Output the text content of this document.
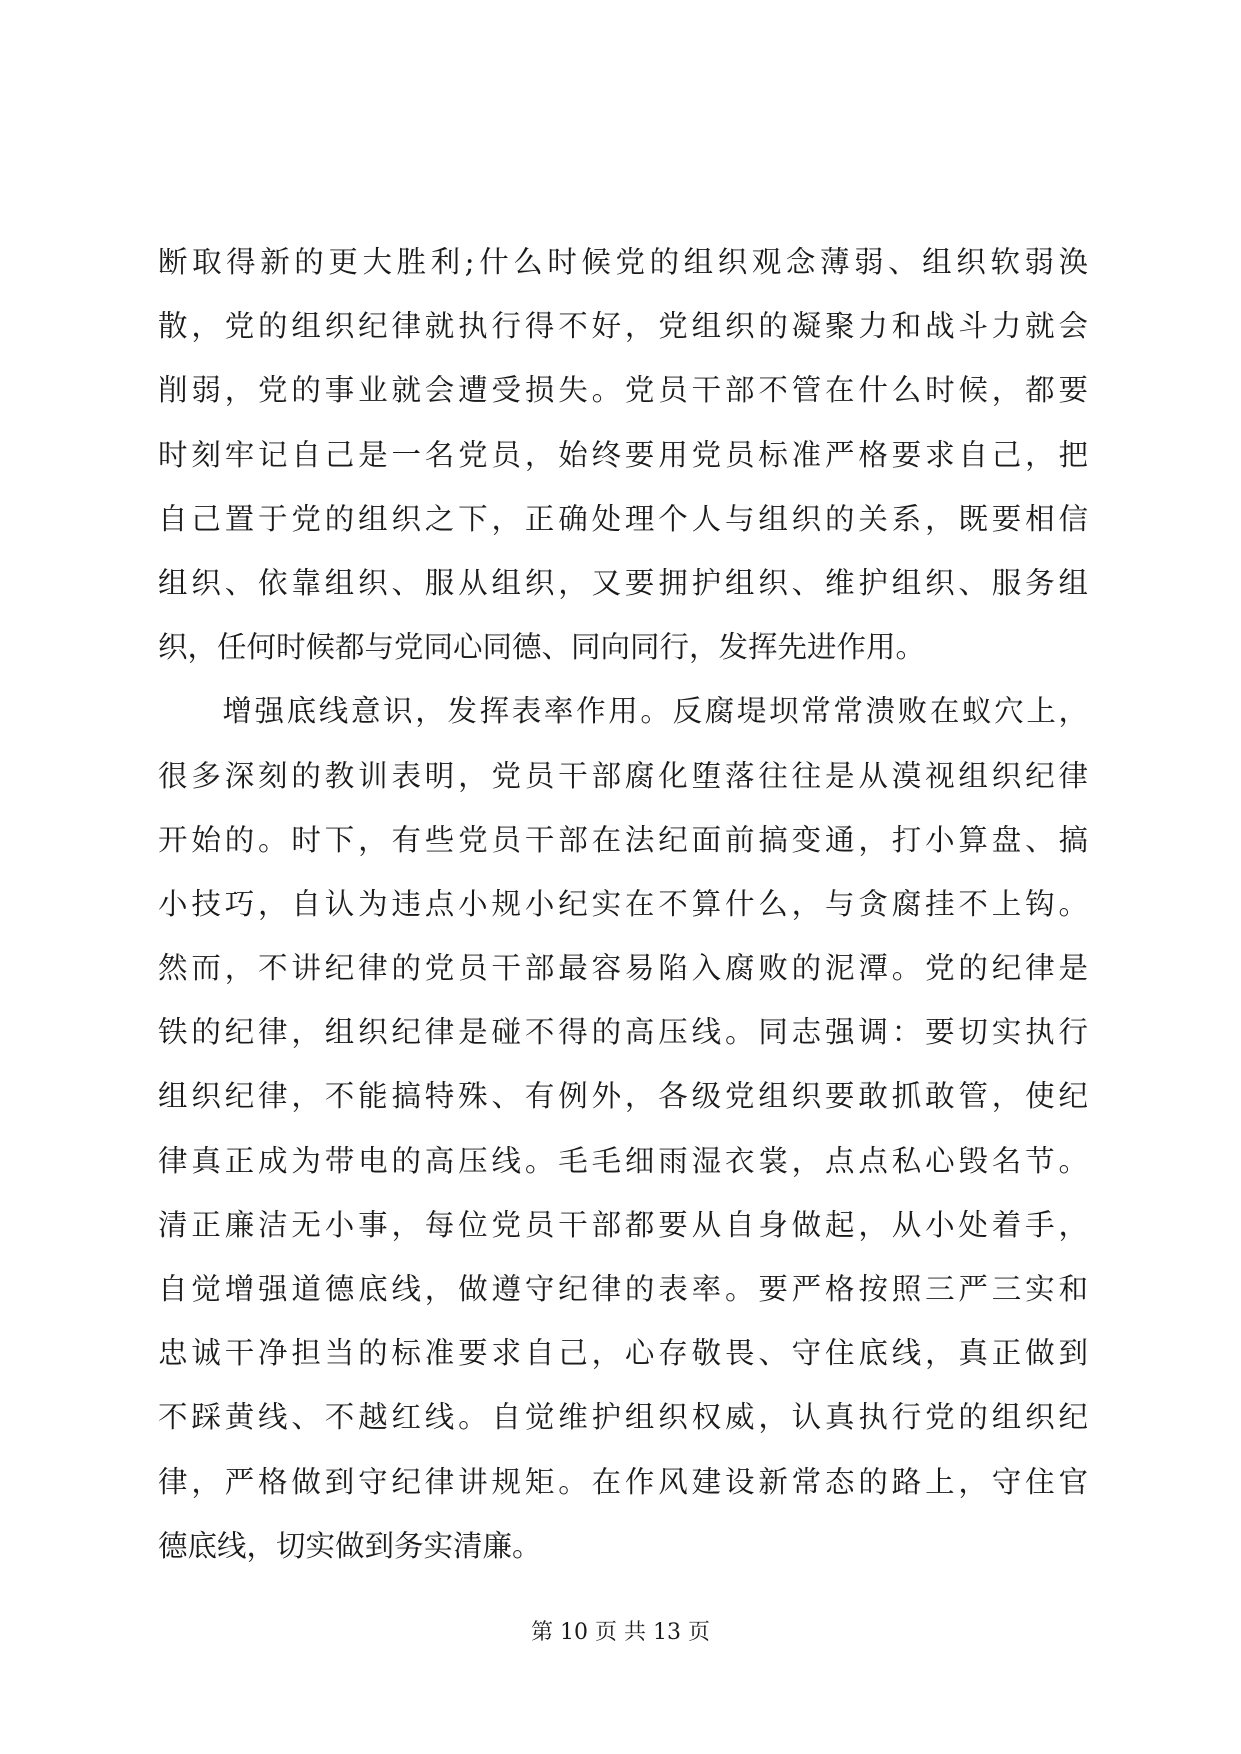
断取得新的更大胜利;什么时候党的组织观念薄弱、组织软弱涣
散，党的组织纪律就执行得不好，党组织的凝聚力和战斗力就会
削弱，党的事业就会遭受损失。党员干部不管在什么时候，都要
时刻牢记自己是一名党员，始终要用党员标准严格要求自己，把
自己置于党的组织之下，正确处理个人与组织的关系，既要相信
组织、依靠组织、服从组织，又要拥护组织、维护组织、服务组
织，任何时候都与党同心同德、同向同行，发挥先进作用。
　　增强底线意识，发挥表率作用。反腐堤坝常常溃败在蚁穴上，
很多深刻的教训表明，党员干部腐化堕落往往是从漠视组织纪律
开始的。时下，有些党员干部在法纪面前搞变通，打小算盘、搞
小技巧，自认为违点小规小纪实在不算什么，与贪腐挂不上钩。
然而，不讲纪律的党员干部最容易陷入腐败的泥潭。党的纪律是
铁的纪律，组织纪律是碰不得的高压线。同志强调：要切实执行
组织纪律，不能搞特殊、有例外，各级党组织要敢抓敢管，使纪
律真正成为带电的高压线。毛毛细雨湿衣裳，点点私心毁名节。
清正廉洁无小事，每位党员干部都要从自身做起，从小处着手，
自觉增强道德底线，做遵守纪律的表率。要严格按照三严三实和
忠诚干净担当的标准要求自己，心存敬畏、守住底线，真正做到
不踩黄线、不越红线。自觉维护组织权威，认真执行党的组织纪
律，严格做到守纪律讲规矩。在作风建设新常态的路上，守住官
德底线，切实做到务实清廉。
第 10 页 共 13 页
